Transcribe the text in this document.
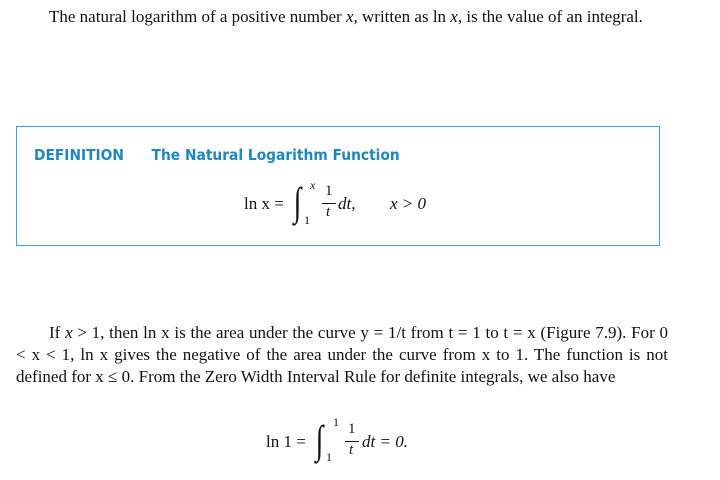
The natural logarithm of a positive number x, written as ln x, is the value of an integral.
DEFINITION The Natural Logarithm Function
ln x = ∫ x
1
1
t dt, x > 0
If x > 1, then ln x is the area under the curve y = 1/t from t = 1 to t = x (Figure 7.9). For 0 < x < 1, ln x gives the negative of the area under the curve from x to 1. The function is not defined for x ≤ 0. From the Zero Width Interval Rule for definite integrals, we also have
ln 1 = ∫ 1
1
1
t dt = 0.
